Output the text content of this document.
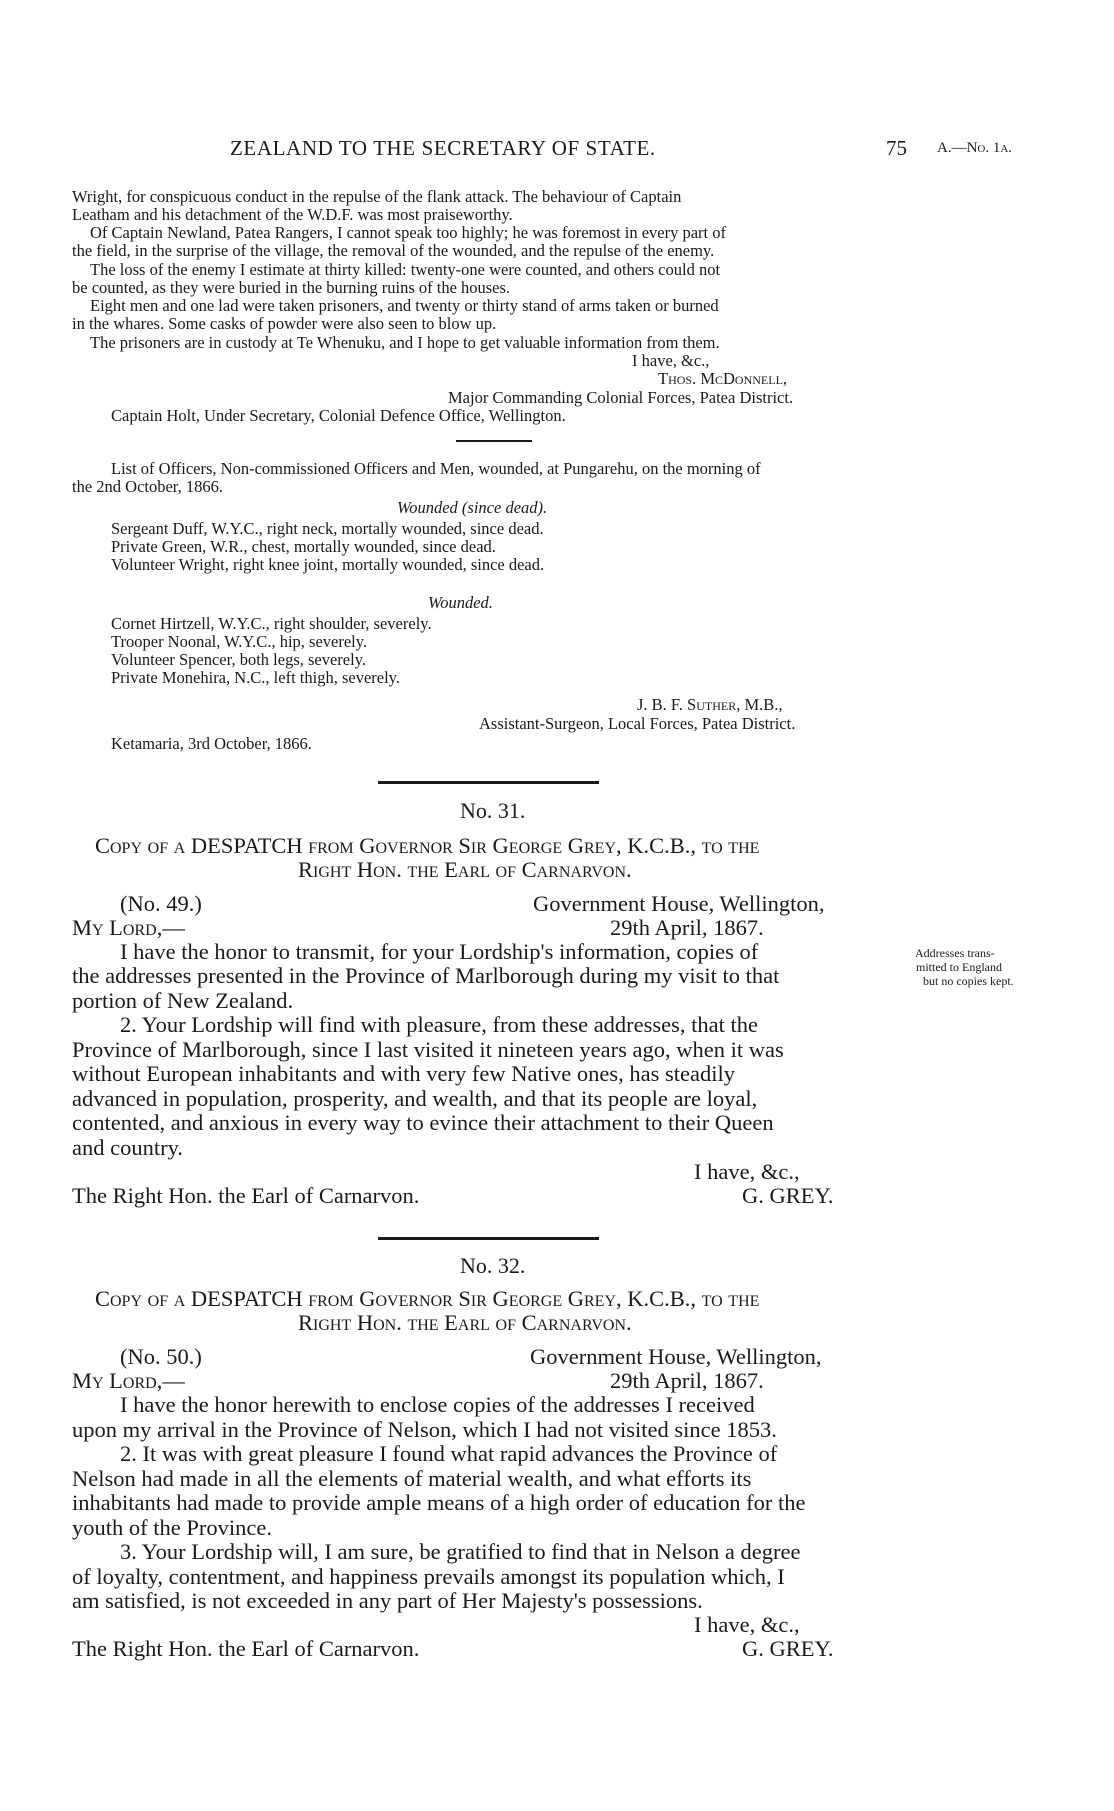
ZEALAND TO THE SECRETARY OF STATE.	75 A.—No. 1a.
Wright, for conspicuous conduct in the repulse of the flank attack. The behaviour of Captain
Leatham and his detachment of the W.D.F. was most praiseworthy.
Of Captain Newland, Patea Rangers, I cannot speak too highly; he was foremost in every part of
the field, in the surprise of the village, the removal of the wounded, and the repulse of the enemy.
The loss of the enemy I estimate at thirty killed: twenty-one were counted, and others could not
be counted, as they were buried in the burning ruins of the houses.
Eight men and one lad were taken prisoners, and twenty or thirty stand of arms taken or burned
in the whares. Some casks of powder were also seen to blow up.
The prisoners are in custody at Te Whenuku, and I hope to get valuable information from them.
I have, &c.,
Thos. McDonnell,
Major Commanding Colonial Forces, Patea District.
Captain Holt, Under Secretary, Colonial Defence Office, Wellington.
List of Officers, Non-commissioned Officers and Men, wounded, at Pungarehu, on the morning of
the 2nd October, 1866.
Wounded (since dead).
Sergeant Duff, W.Y.C., right neck, mortally wounded, since dead.
Private Green, W.R., chest, mortally wounded, since dead.
Volunteer Wright, right knee joint, mortally wounded, since dead.
Wounded.
Cornet Hirtzell, W.Y.C., right shoulder, severely.
Trooper Noonal, W.Y.C., hip, severely.
Volunteer Spencer, both legs, severely.
Private Monehira, N.C., left thigh, severely.
J. B. F. Suther, M.B.,
Assistant-Surgeon, Local Forces, Patea District.
Ketamaria, 3rd October, 1866.
No. 31.
Copy of a DESPATCH from Governor Sir George Grey, K.C.B., to the
Right Hon. the Earl of Carnarvon.
(No. 49.)	Government House, Wellington,
My Lord,—	29th April, 1867.
I have the honor to transmit, for your Lordship's information, copies of
the addresses presented in the Province of Marlborough during my visit to that
portion of New Zealand.
2. Your Lordship will find with pleasure, from these addresses, that the
Province of Marlborough, since I last visited it nineteen years ago, when it was
without European inhabitants and with very few Native ones, has steadily
advanced in population, prosperity, and wealth, and that its people are loyal,
contented, and anxious in every way to evince their attachment to their Queen
and country.
Addresses trans-
mitted to England
but no copies kept.
I have, &c.,
The Right Hon. the Earl of Carnarvon.	G. GREY.
No. 32.
Copy of a DESPATCH from Governor Sir George Grey, K.C.B., to the
Right Hon. the Earl of Carnarvon.
(No. 50.)	Government House, Wellington,
My Lord,—	29th April, 1867.
I have the honor herewith to enclose copies of the addresses I received
upon my arrival in the Province of Nelson, which I had not visited since 1853.
2. It was with great pleasure I found what rapid advances the Province of
Nelson had made in all the elements of material wealth, and what efforts its
inhabitants had made to provide ample means of a high order of education for the
youth of the Province.
3. Your Lordship will, I am sure, be gratified to find that in Nelson a degree
of loyalty, contentment, and happiness prevails amongst its population which, I
am satisfied, is not exceeded in any part of Her Majesty's possessions.
I have, &c.,
The Right Hon. the Earl of Carnarvon.	G. GREY.
